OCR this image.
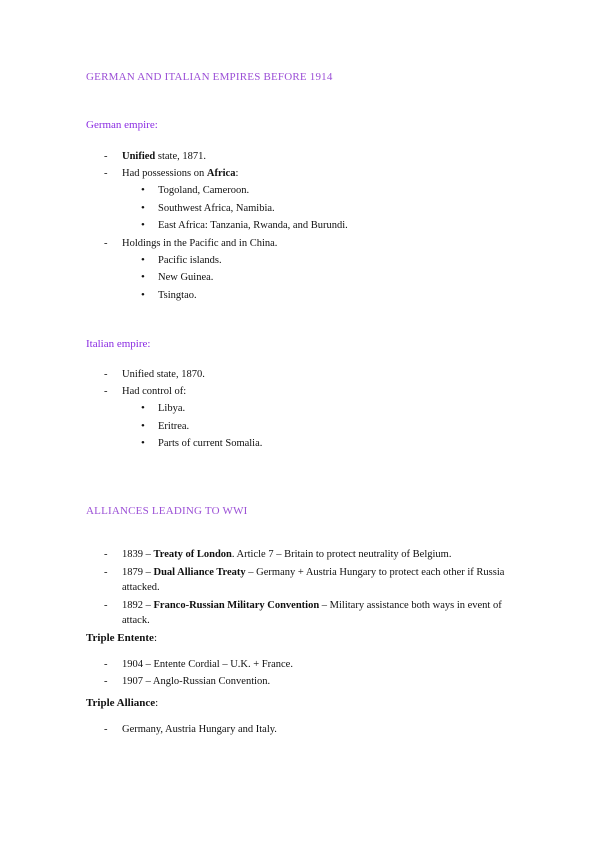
GERMAN AND ITALIAN EMPIRES BEFORE 1914
German empire:
- Unified state, 1871.
- Had possessions on Africa:
• Togoland, Cameroon.
• Southwest Africa, Namibia.
• East Africa: Tanzania, Rwanda, and Burundi.
- Holdings in the Pacific and in China.
• Pacific islands.
• New Guinea.
• Tsingtao.
Italian empire:
- Unified state, 1870.
- Had control of:
• Libya.
• Eritrea.
• Parts of current Somalia.
ALLIANCES LEADING TO WWI
- 1839 – Treaty of London. Article 7 – Britain to protect neutrality of Belgium.
- 1879 – Dual Alliance Treaty – Germany + Austria Hungary to protect each other if Russia attacked.
- 1892 – Franco-Russian Military Convention – Military assistance both ways in event of attack.
Triple Entente:
- 1904 – Entente Cordial – U.K. + France.
- 1907 – Anglo-Russian Convention.
Triple Alliance:
- Germany, Austria Hungary and Italy.
